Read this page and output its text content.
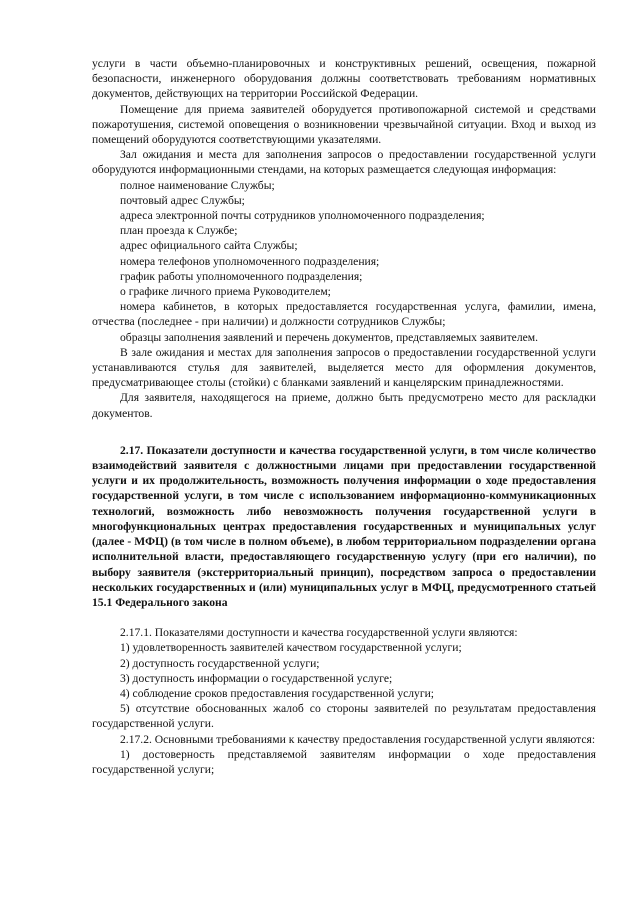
услуги в части объемно-планировочных и конструктивных решений, освещения, пожарной безопасности, инженерного оборудования должны соответствовать требованиям нормативных документов, действующих на территории Российской Федерации.

Помещение для приема заявителей оборудуется противопожарной системой и средствами пожаротушения, системой оповещения о возникновении чрезвычайной ситуации. Вход и выход из помещений оборудуются соответствующими указателями.

Зал ожидания и места для заполнения запросов о предоставлении государственной услуги оборудуются информационными стендами, на которых размещается следующая информация:

полное наименование Службы;

почтовый адрес Службы;

адреса электронной почты сотрудников уполномоченного подразделения;

план проезда к Службе;

адрес официального сайта Службы;

номера телефонов уполномоченного подразделения;

график работы уполномоченного подразделения;

о графике личного приема Руководителем;

номера кабинетов, в которых предоставляется государственная услуга, фамилии, имена, отчества (последнее - при наличии) и должности сотрудников Службы;

образцы заполнения заявлений и перечень документов, представляемых заявителем.

В зале ожидания и местах для заполнения запросов о предоставлении государственной услуги устанавливаются стулья для заявителей, выделяется место для оформления документов, предусматривающее столы (стойки) с бланками заявлений и канцелярским принадлежностями.

Для заявителя, находящегося на приеме, должно быть предусмотрено место для раскладки документов.

2.17. Показатели доступности и качества государственной услуги, в том числе количество взаимодействий заявителя с должностными лицами при предоставлении государственной услуги и их продолжительность, возможность получения информации о ходе предоставления государственной услуги, в том числе с использованием информационно-коммуникационных технологий, возможность либо невозможность получения государственной услуги в многофункциональных центрах предоставления государственных и муниципальных услуг (далее - МФЦ) (в том числе в полном объеме), в любом территориальном подразделении органа исполнительной власти, предоставляющего государственную услугу (при его наличии), по выбору заявителя (экстерриториальный принцип), посредством запроса о предоставлении нескольких государственных и (или) муниципальных услуг в МФЦ, предусмотренного статьей 15.1 Федерального закона

2.17.1. Показателями доступности и качества государственной услуги являются:

1) удовлетворенность заявителей качеством государственной услуги;

2) доступность государственной услуги;

3) доступность информации о государственной услуге;

4) соблюдение сроков предоставления государственной услуги;

5) отсутствие обоснованных жалоб со стороны заявителей по результатам предоставления государственной услуги.

2.17.2. Основными требованиями к качеству предоставления государственной услуги являются:

1) достоверность представляемой заявителям информации о ходе предоставления государственной услуги;
